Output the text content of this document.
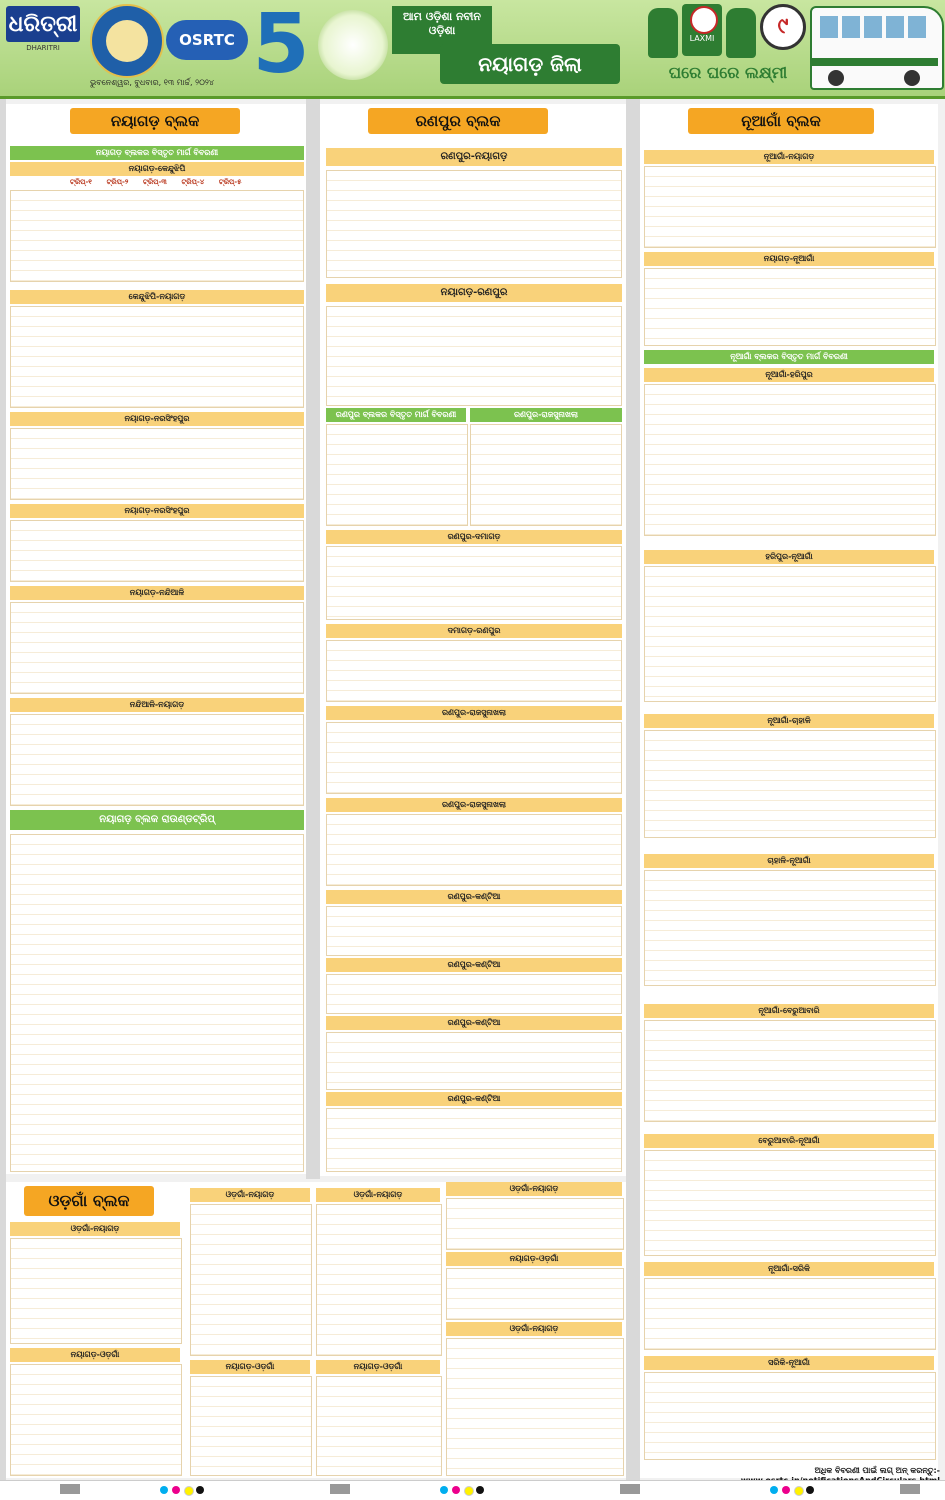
ଧରିତ୍ରୀ
DHARITRI	OSRTC 5	ଆମ ଓଡ଼ିଶା ନବୀନ ଓଡ଼ିଶା
ନୟାଗଡ଼ ଜିଲା
LAXMI
ଘରେ ଘରେ ଲକ୍ଷ୍ମୀ
୯
ଭୁବନେଶ୍ୱର, ବୁଧବାର, ୧୩ ମାର୍ଚ୍ଚ, ୨୦୨୪
ନୟାଗଡ଼ ବ୍ଲକ
ନୟାଗଡ଼ ବ୍ଲକର ବିସ୍ତୃତ ମାର୍ଗ ବିବରଣୀ
ନୟାଗଡ଼-କେନ୍ଦୁଝିପି
ଟ୍ରିପ୍-୧ ଟ୍ରିପ୍-୨ ଟ୍ରିପ୍-୩ ଟ୍ରିପ୍-୪ ଟ୍ରିପ୍-୫
କେନ୍ଦୁଝିପି-ନୟାଗଡ଼
ନୟାଗଡ଼-ନରସିଂହପୁର
ନୟାଗଡ଼-ନରସିଂହପୁର
ନୟାଗଡ଼-ନନ୍ଦିଆଳି
ନନ୍ଦିଆଳି-ନୟାଗଡ଼
ନୟାଗଡ଼ ବ୍ଲକ ରାଉଣ୍ଡଟ୍ରିପ୍
ରଣପୁର ବ୍ଲକ
ରଣପୁର-ନୟାଗଡ଼
ନୟାଗଡ଼-ରଣପୁର
ରଣପୁର ବ୍ଲକର ବିସ୍ତୃତ ମାର୍ଗ ବିବରଣୀ	ରଣପୁର-ରାଜସୁନାଖଲା
ରଣପୁର-ଦମାଗଡ଼
ଦମାଗଡ଼-ରଣପୁର
ରଣପୁର-ରାଜସୁନାଖଲା
ରଣପୁର-ରାଜସୁନାଖଲା
ରଣପୁର-କଣ୍ଟିଆ
ରଣପୁର-କଣ୍ଟିଆ
ରଣପୁର-କଣ୍ଟିଆ
ରଣପୁର-କଣ୍ଟିଆ
ନୂଆଗାଁ ବ୍ଲକ
ନୂଆଗାଁ-ନୟାଗଡ଼
ନୟାଗଡ଼-ନୂଆଗାଁ
ନୂଆଗାଁ ବ୍ଲକର ବିସ୍ତୃତ ମାର୍ଗ ବିବରଣୀ
ନୂଆଗାଁ-ହରିପୁର
ହରିପୁର-ନୂଆଗାଁ
ନୂଆଗାଁ-ଚାହାଳି
ଚାହାଳି-ନୂଆଗାଁ
ନୂଆଗାଁ-ବେରୁଆବାରି
ବେରୁଆବାରି-ନୂଆଗାଁ
ନୂଆଗାଁ-ସରିକି
ସରିକି-ନୂଆଗାଁ
ଓଡ଼ଗାଁ ବ୍ଲକ
ଓଡ଼ଗାଁ-ନୟାଗଡ଼
ନୟାଗଡ଼-ଓଡ଼ଗାଁ
ଓଡ଼ଗାଁ-ନୟାଗଡ଼
ନୟାଗଡ଼-ଓଡ଼ଗାଁ
ଓଡ଼ଗାଁ-ନୟାଗଡ଼
ନୟାଗଡ଼-ଓଡ଼ଗାଁ
ଓଡ଼ଗାଁ-ନୟାଗଡ଼
ନୟାଗଡ଼-ଓଡ଼ଗାଁ
ଓଡ଼ଗାଁ-ନୟାଗଡ଼
ଅଧିକ ବିବରଣୀ ପାଇଁ ଲଗ୍ ଅନ୍ କରନ୍ତୁ:-
